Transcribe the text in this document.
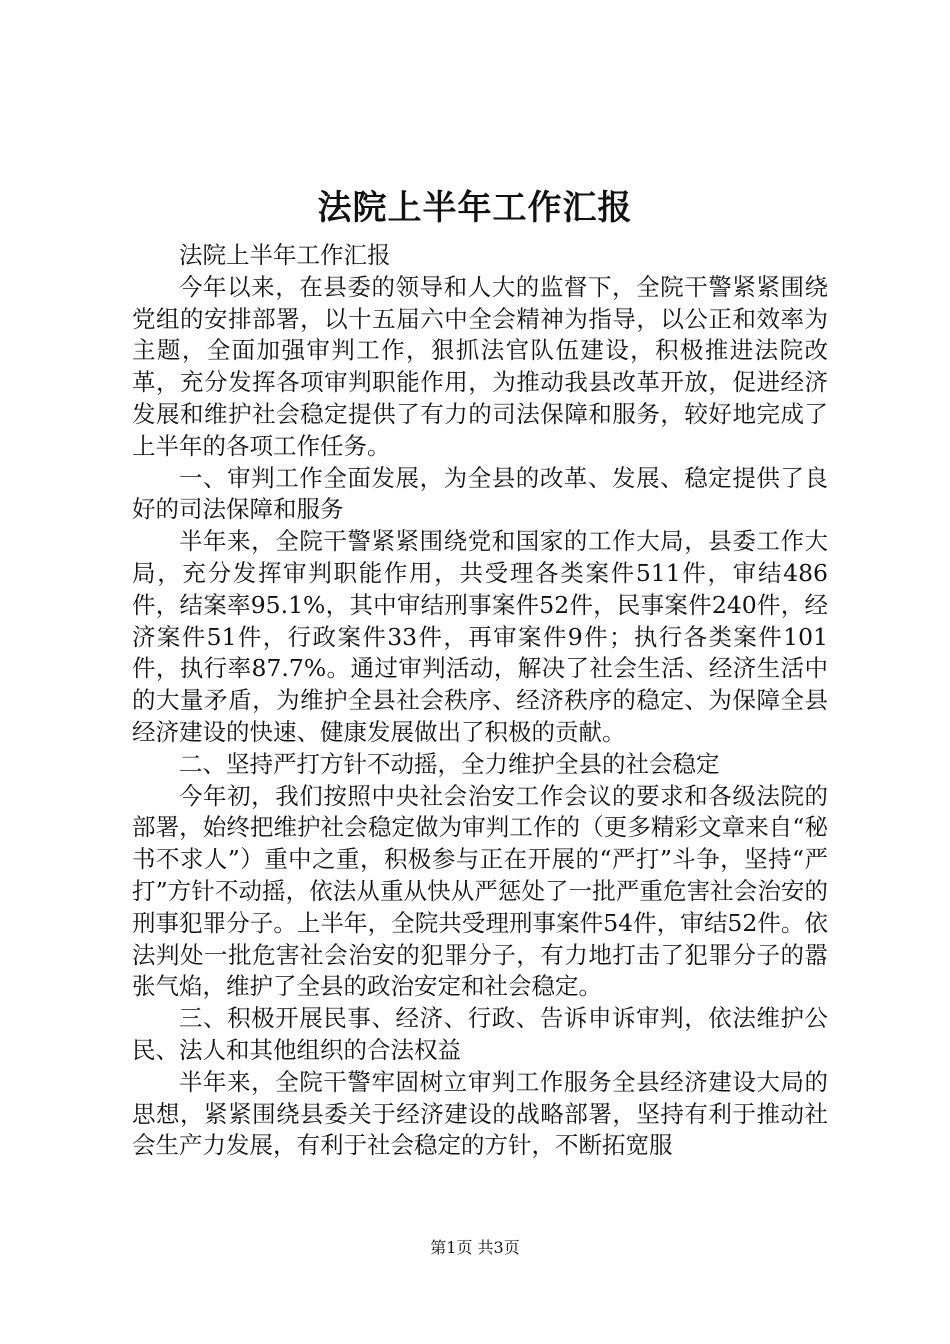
法院上半年工作汇报

法院上半年工作汇报

今年以来，在县委的领导和人大的监督下，全院干警紧紧围绕党组的安排部署，以十五届六中全会精神为指导，以公正和效率为主题，全面加强审判工作，狠抓法官队伍建设，积极推进法院改革，充分发挥各项审判职能作用，为推动我县改革开放，促进经济发展和维护社会稳定提供了有力的司法保障和服务，较好地完成了上半年的各项工作任务。

一、审判工作全面发展，为全县的改革、发展、稳定提供了良好的司法保障和服务

半年来，全院干警紧紧围绕党和国家的工作大局，县委工作大局，充分发挥审判职能作用，共受理各类案件511件，审结486件，结案率95.1%，其中审结刑事案件52件，民事案件240件，经济案件51件，行政案件33件，再审案件9件；执行各类案件101件，执行率87.7%。通过审判活动，解决了社会生活、经济生活中的大量矛盾，为维护全县社会秩序、经济秩序的稳定、为保障全县经济建设的快速、健康发展做出了积极的贡献。

二、坚持严打方针不动摇，全力维护全县的社会稳定

今年初，我们按照中央社会治安工作会议的要求和各级法院的部署，始终把维护社会稳定做为审判工作的（更多精彩文章来自“秘书不求人”）重中之重，积极参与正在开展的“严打”斗争，坚持“严打”方针不动摇，依法从重从快从严惩处了一批严重危害社会治安的刑事犯罪分子。上半年，全院共受理刑事案件54件，审结52件。依法判处一批危害社会治安的犯罪分子，有力地打击了犯罪分子的嚣张气焰，维护了全县的政治安定和社会稳定。

三、积极开展民事、经济、行政、告诉申诉审判，依法维护公民、法人和其他组织的合法权益

半年来，全院干警牢固树立审判工作服务全县经济建设大局的思想，紧紧围绕县委关于经济建设的战略部署，坚持有利于推动社会生产力发展，有利于社会稳定的方针，不断拓宽服

第1页 共3页
